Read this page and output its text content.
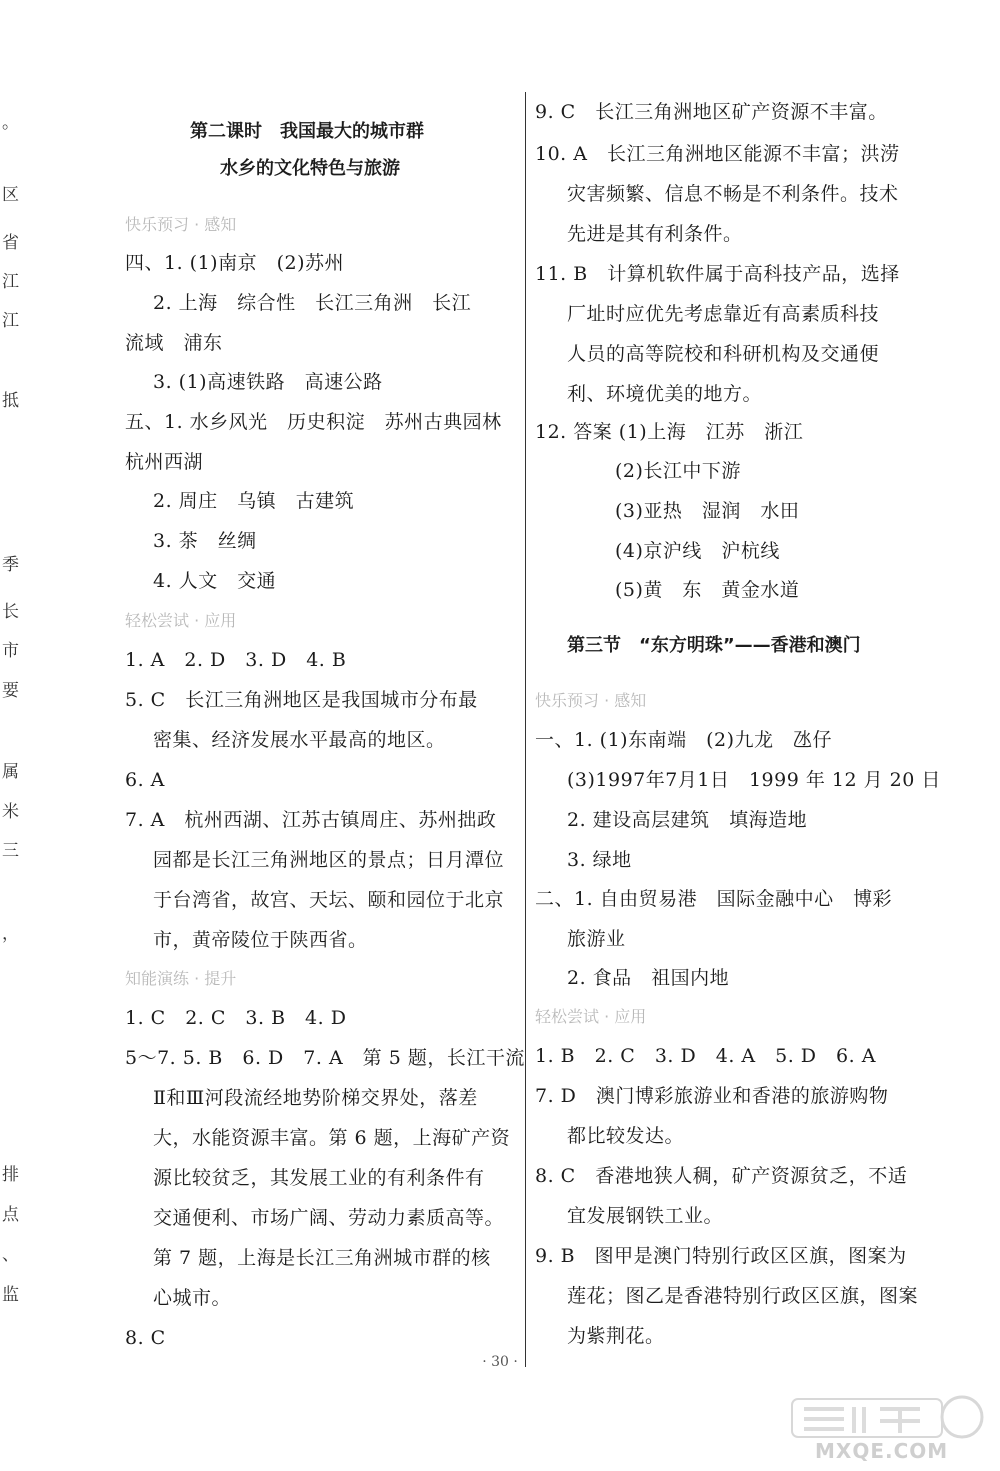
。
区
省
江
江
抵
季
长
市
要
属
米
三
，
排
点
、
监
第二课时　我国最大的城市群
水乡的文化特色与旅游
快乐预习 · 感知
四、1. (1)南京　(2)苏州
2. 上海　综合性　长江三角洲　长江
流域　浦东
3. (1)高速铁路　高速公路
五、1. 水乡风光　历史积淀　苏州古典园林
杭州西湖
2. 周庄　乌镇　古建筑
3. 茶　丝绸
4. 人文　交通
轻松尝试 · 应用
1. A　2. D　3. D　4. B
5. C　长江三角洲地区是我国城市分布最
密集、经济发展水平最高的地区。
6. A
7. A　杭州西湖、江苏古镇周庄、苏州拙政
园都是长江三角洲地区的景点；日月潭位
于台湾省，故宫、天坛、颐和园位于北京
市，黄帝陵位于陕西省。
知能演练 · 提升
1. C　2. C　3. B　4. D
5～7. 5. B　6. D　7. A　第 5 题，长江干流
Ⅱ和Ⅲ河段流经地势阶梯交界处，落差
大，水能资源丰富。第 6 题，上海矿产资
源比较贫乏，其发展工业的有利条件有
交通便利、市场广阔、劳动力素质高等。
第 7 题，上海是长江三角洲城市群的核
心城市。
8. C
9. C　长江三角洲地区矿产资源不丰富。
10. A　长江三角洲地区能源不丰富；洪涝
灾害频繁、信息不畅是不利条件。技术
先进是其有利条件。
11. B　计算机软件属于高科技产品，选择
厂址时应优先考虑靠近有高素质科技
人员的高等院校和科研机构及交通便
利、环境优美的地方。
12. 答案 (1)上海　江苏　浙江
(2)长江中下游
(3)亚热　湿润　水田
(4)京沪线　沪杭线
(5)黄　东　黄金水道
第三节　“东方明珠”——香港和澳门
快乐预习 · 感知
一、1. (1)东南端　(2)九龙　氹仔
(3)1997年7月1日　1999 年 12 月 20 日
2. 建设高层建筑　填海造地
3. 绿地
二、1. 自由贸易港　国际金融中心　博彩
旅游业
2. 食品　祖国内地
轻松尝试 · 应用
1. B　2. C　3. D　4. A　5. D　6. A
7. D　澳门博彩旅游业和香港的旅游购物
都比较发达。
8. C　香港地狭人稠，矿产资源贫乏，不适
宜发展钢铁工业。
9. B　图甲是澳门特别行政区区旗，图案为
莲花；图乙是香港特别行政区区旗，图案
为紫荆花。
· 30 ·
MXQE.COM
